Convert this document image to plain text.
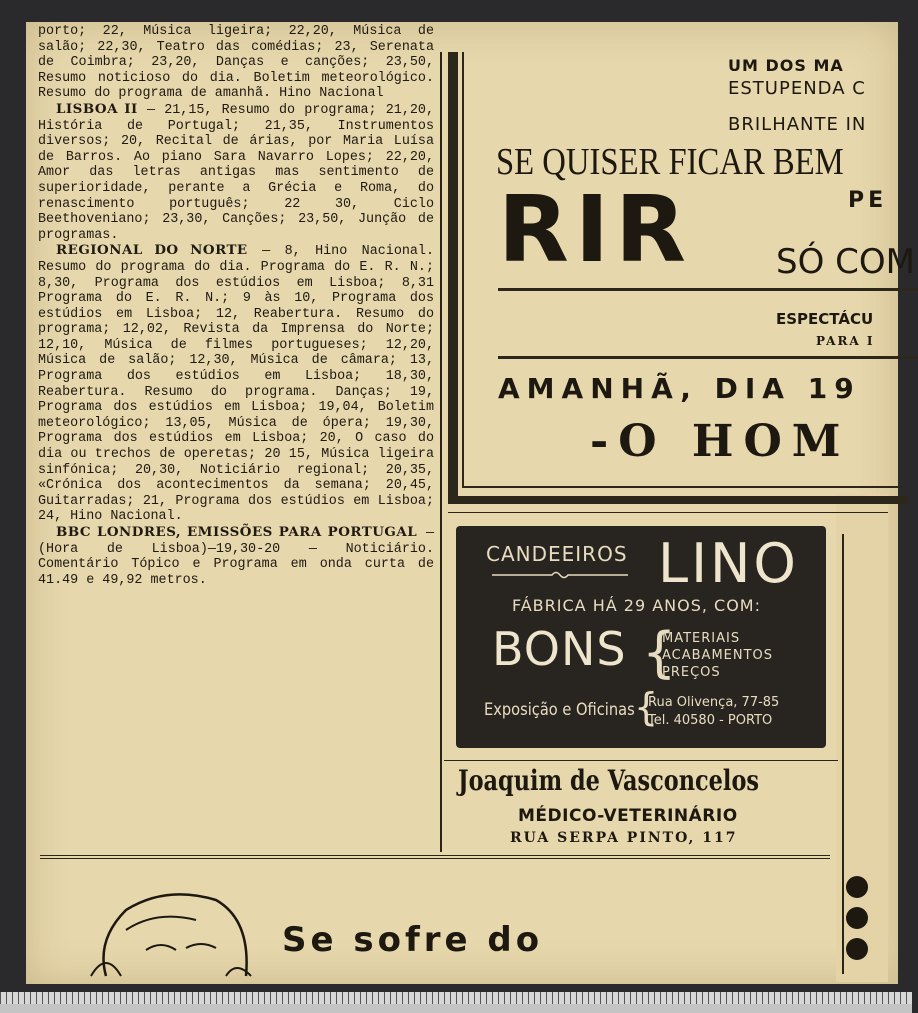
porto; 22, Música ligeira; 22,20, Música de salão; 22,30, Teatro das comédias; 23, Serenata de Coimbra; 23,20, Danças e canções; 23,50, Resumo noticioso do dia. Boletim meteorológico. Resumo do programa de amanhã. Hino Nacional

LISBOA II — 21,15, Resumo do programa; 21,20, História de Portugal; 21,35, Instrumentos diversos; 20, Recital de árias, por Maria Luísa de Barros. Ao piano Sara Navarro Lopes; 22,20, Amor das letras antigas mas sentimento de superioridade, perante a Grécia e Roma, do renascimento português; 22 30, Ciclo Beethoveniano; 23,30, Canções; 23,50, Junção de programas.

REGIONAL DO NORTE — 8, Hino Nacional. Resumo do programa do dia. Programa do E. R. N.; 8,30, Programa dos estúdios em Lisboa; 8,31 Programa do E. R. N.; 9 às 10, Programa dos estúdios em Lisboa; 12, Reabertura. Resumo do programa; 12,02, Revista da Imprensa do Norte; 12,10, Música de filmes portugueses; 12,20, Música de salão; 12,30, Música de câmara; 13, Programa dos estúdios em Lisboa; 18,30, Reabertura. Resumo do programa. Danças; 19, Programa dos estúdios em Lisboa; 19,04, Boletim meteorológico; 13,05, Música de ópera; 19,30, Programa dos estúdios em Lisboa; 20, O caso do dia ou trechos de operetas; 20 15, Música ligeira sinfónica; 20,30, Noticiário regional; 20,35, «Crónica dos acontecimentos da semana; 20,45, Guitarradas; 21, Programa dos estúdios em Lisboa; 24, Hino Nacional.

BBC LONDRES, EMISSÕES PARA PORTUGAL —(Hora de Lisboa)—19,30-20 — Noticiário. Comentário Tópico e Programa em onda curta de 41.49 e 49,92 metros.

UM DOS MA
ESTUPENDA C
BRILHANTE IN
SE QUISER FICAR BEM
RIR	PE
SÓ COM
ESPECTÁCU
PARA I
AMANHÃ, DIA 19
-O HOM
CANDEEIROS LINO
FÁBRICA HÁ 29 ANOS, COM:
BONS {
MATERIAIS
ACABAMENTOS
PREÇOS
Exposição e Oficinas {
Rua Olivença, 77-85
Tel. 40580 - PORTO
Joaquim de Vasconcelos
MÉDICO-VETERINÁRIO
RUA SERPA PINTO, 117
Se sofre do
